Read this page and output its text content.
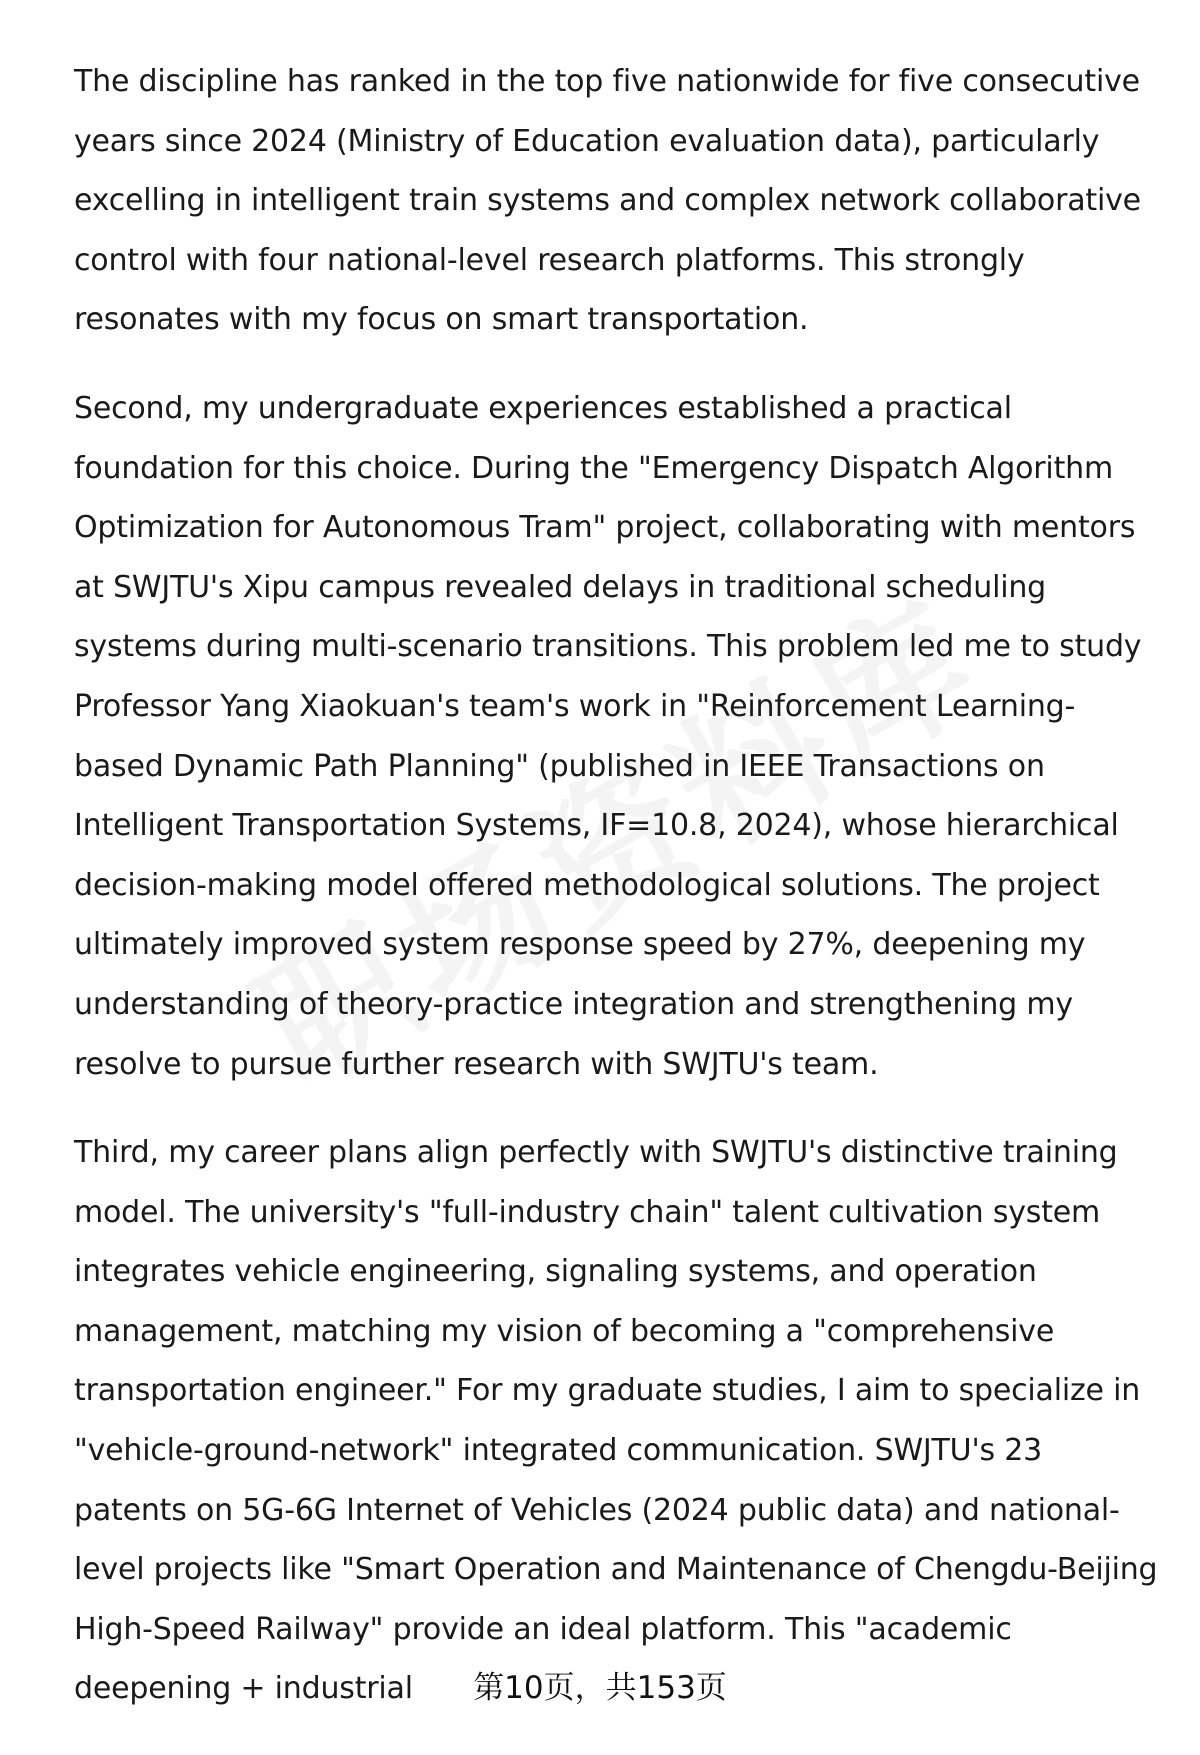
The discipline has ranked in the top five nationwide for five consecutive years since 2024 (Ministry of Education evaluation data), particularly excelling in intelligent train systems and complex network collaborative control with four national-level research platforms. This strongly resonates with my focus on smart transportation.

Second, my undergraduate experiences established a practical foundation for this choice. During the "Emergency Dispatch Algorithm Optimization for Autonomous Tram" project, collaborating with mentors at SWJTU's Xipu campus revealed delays in traditional scheduling systems during multi-scenario transitions. This problem led me to study Professor Yang Xiaokuan's team's work in "Reinforcement Learning-based Dynamic Path Planning" (published in IEEE Transactions on Intelligent Transportation Systems, IF=10.8, 2024), whose hierarchical decision-making model offered methodological solutions. The project ultimately improved system response speed by 27%, deepening my understanding of theory-practice integration and strengthening my resolve to pursue further research with SWJTU's team.

Third, my career plans align perfectly with SWJTU's distinctive training model. The university's "full-industry chain" talent cultivation system integrates vehicle engineering, signaling systems, and operation management, matching my vision of becoming a "comprehensive transportation engineer." For my graduate studies, I aim to specialize in "vehicle-ground-network" integrated communication. SWJTU's 23 patents on 5G-6G Internet of Vehicles (2024 public data) and national-level projects like "Smart Operation and Maintenance of Chengdu-Beijing High-Speed Railway" provide an ideal platform. This "academic deepening + industrial	第10页，共153页
